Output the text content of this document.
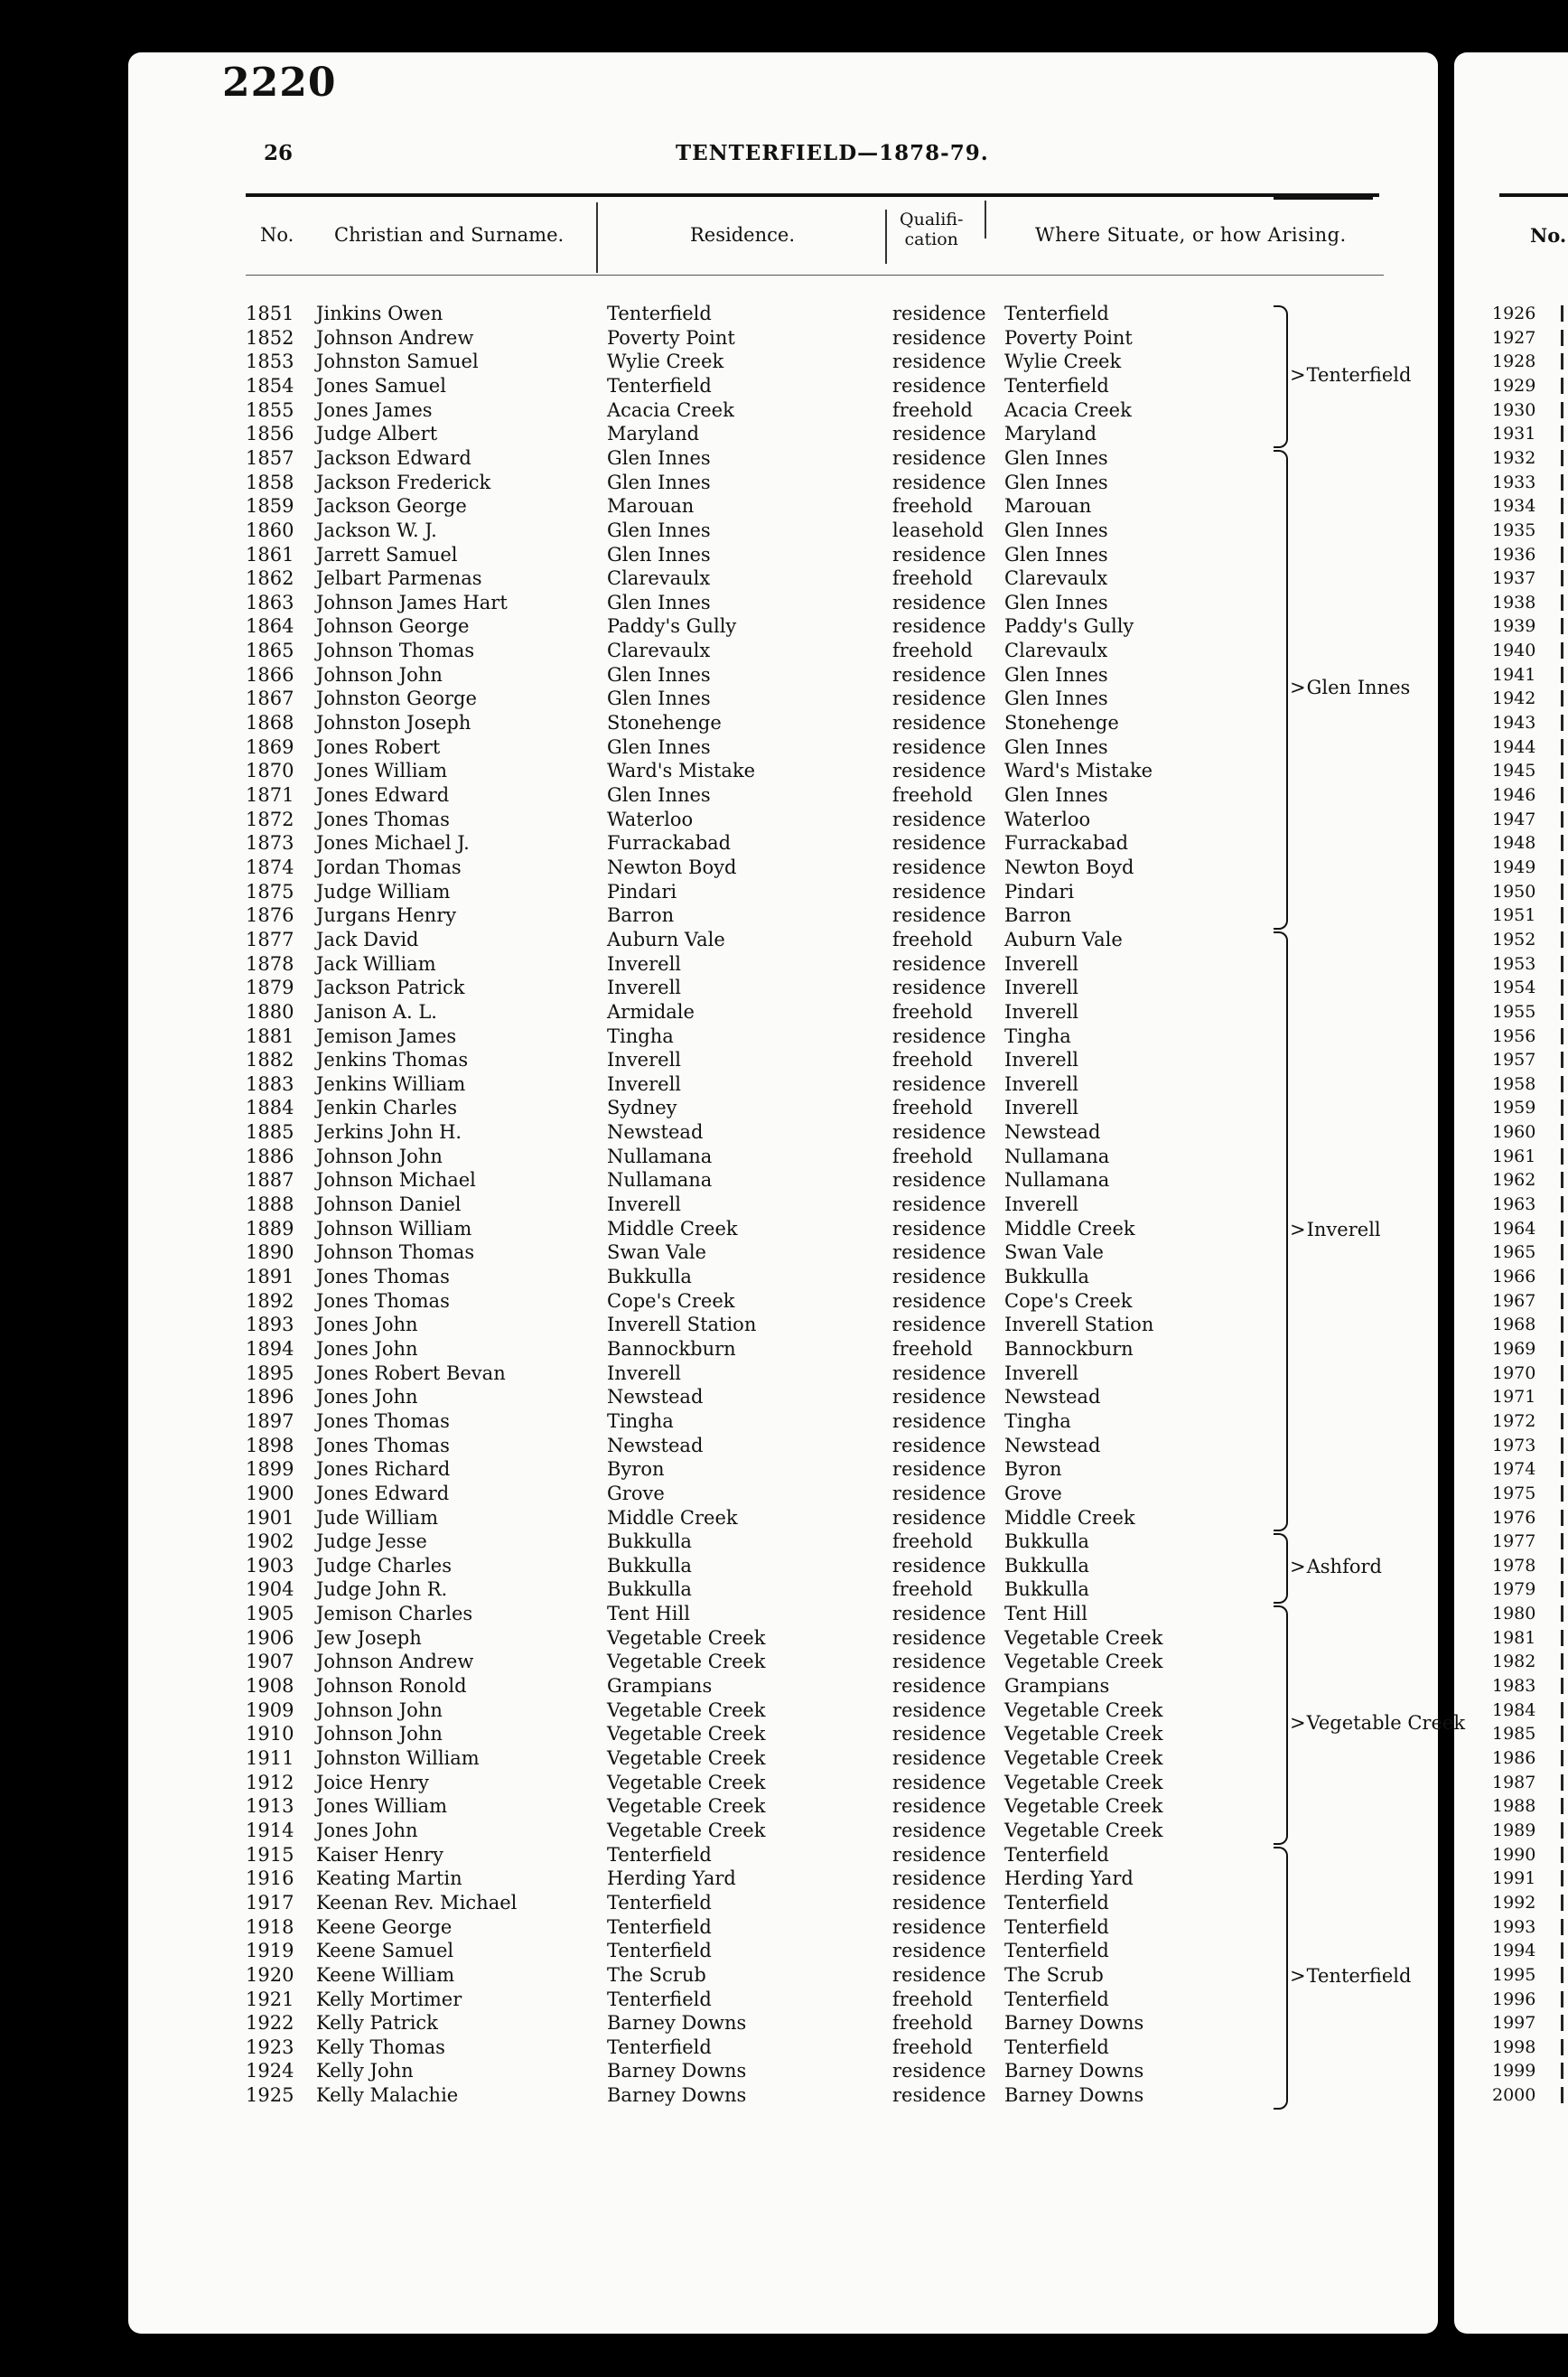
2220
26	TENTERFIELD—1878-79.
No. Christian and Surname.	Residence.
Qualifi-
cation	Where Situate, or how Arising.	No.
1851	Jinkins Owen	Tenterfield	residence Tenterfield
1852	Johnson Andrew	Poverty Point	residence Poverty Point
1853	Johnston Samuel	Wylie Creek	residence Wylie Creek
1854	Jones Samuel	Tenterfield	residence Tenterfield
1855	Jones James	Acacia Creek	freehold Acacia Creek
1856	Judge Albert	Maryland	residence Maryland
1857	Jackson Edward	Glen Innes	residence Glen Innes
1858	Jackson Frederick	Glen Innes	residence Glen Innes
1859	Jackson George	Marouan	freehold Marouan
1860	Jackson W. J.	Glen Innes	leasehold Glen Innes
1861	Jarrett Samuel	Glen Innes	residence Glen Innes
1862	Jelbart Parmenas	Clarevaulx	freehold Clarevaulx
1863	Johnson James Hart	Glen Innes	residence Glen Innes
1864	Johnson George	Paddy's Gully	residence Paddy's Gully
1865	Johnson Thomas	Clarevaulx	freehold Clarevaulx
1866	Johnson John	Glen Innes	residence Glen Innes
1867	Johnston George	Glen Innes	residence Glen Innes
1868	Johnston Joseph	Stonehenge	residence Stonehenge
1869	Jones Robert	Glen Innes	residence Glen Innes
1870	Jones William	Ward's Mistake	residence Ward's Mistake
1871	Jones Edward	Glen Innes	freehold Glen Innes
1872	Jones Thomas	Waterloo	residence Waterloo
1873	Jones Michael J.	Furrackabad	residence Furrackabad
1874	Jordan Thomas	Newton Boyd	residence Newton Boyd
1875	Judge William	Pindari	residence Pindari
1876	Jurgans Henry	Barron	residence Barron
1877	Jack David	Auburn Vale	freehold Auburn Vale
1878	Jack William	Inverell	residence Inverell
1879	Jackson Patrick	Inverell	residence Inverell
1880	Janison A. L.	Armidale	freehold Inverell
1881	Jemison James	Tingha	residence Tingha
1882	Jenkins Thomas	Inverell	freehold Inverell
1883	Jenkins William	Inverell	residence Inverell
1884	Jenkin Charles	Sydney	freehold Inverell
1885	Jerkins John H.	Newstead	residence Newstead
1886	Johnson John	Nullamana	freehold Nullamana
1887	Johnson Michael	Nullamana	residence Nullamana
1888	Johnson Daniel	Inverell	residence Inverell
1889	Johnson William	Middle Creek	residence Middle Creek
1890	Johnson Thomas	Swan Vale	residence Swan Vale
1891	Jones Thomas	Bukkulla	residence Bukkulla
1892	Jones Thomas	Cope's Creek	residence Cope's Creek
1893	Jones John	Inverell Station	residence Inverell Station
1894	Jones John	Bannockburn	freehold Bannockburn
1895	Jones Robert Bevan	Inverell	residence Inverell
1896	Jones John	Newstead	residence Newstead
1897	Jones Thomas	Tingha	residence Tingha
1898	Jones Thomas	Newstead	residence Newstead
1899	Jones Richard	Byron	residence Byron
1900	Jones Edward	Grove	residence Grove
1901	Jude William	Middle Creek	residence Middle Creek
1902	Judge Jesse	Bukkulla	freehold Bukkulla
1903	Judge Charles	Bukkulla	residence Bukkulla
1904	Judge John R.	Bukkulla	freehold Bukkulla
1905	Jemison Charles	Tent Hill	residence Tent Hill
1906	Jew Joseph	Vegetable Creek	residence Vegetable Creek
1907	Johnson Andrew	Vegetable Creek	residence Vegetable Creek
1908	Johnson Ronold	Grampians	residence Grampians
1909	Johnson John	Vegetable Creek	residence Vegetable Creek
1910	Johnson John	Vegetable Creek	residence Vegetable Creek
1911	Johnston William	Vegetable Creek	residence Vegetable Creek
1912	Joice Henry	Vegetable Creek	residence Vegetable Creek
1913	Jones William	Vegetable Creek	residence Vegetable Creek
1914	Jones John	Vegetable Creek	residence Vegetable Creek
1915	Kaiser Henry	Tenterfield	residence Tenterfield
1916	Keating Martin	Herding Yard	residence Herding Yard
1917	Keenan Rev. Michael	Tenterfield	residence Tenterfield
1918	Keene George	Tenterfield	residence Tenterfield
1919	Keene Samuel	Tenterfield	residence Tenterfield
1920	Keene William	The Scrub	residence The Scrub
1921	Kelly Mortimer	Tenterfield	freehold Tenterfield
1922	Kelly Patrick	Barney Downs	freehold Barney Downs
1923	Kelly Thomas	Tenterfield	freehold Tenterfield
1924	Kelly John	Barney Downs	residence Barney Downs
1925	Kelly Malachie	Barney Downs	residence Barney Downs
> Tenterfield
> Glen Innes
> Inverell
> Ashford
> Vegetable Creek
> Tenterfield
1926
1927
1928
1929
1930
1931
1932
1933
1934
1935
1936
1937
1938
1939
1940
1941
1942
1943
1944
1945
1946
1947
1948
1949
1950
1951
1952
1953
1954
1955
1956
1957
1958
1959
1960
1961
1962
1963
1964
1965
1966
1967
1968
1969
1970
1971
1972
1973
1974
1975
1976
1977
1978
1979
1980
1981
1982
1983
1984
1985
1986
1987
1988
1989
1990
1991
1992
1993
1994
1995
1996
1997
1998
1999
2000
